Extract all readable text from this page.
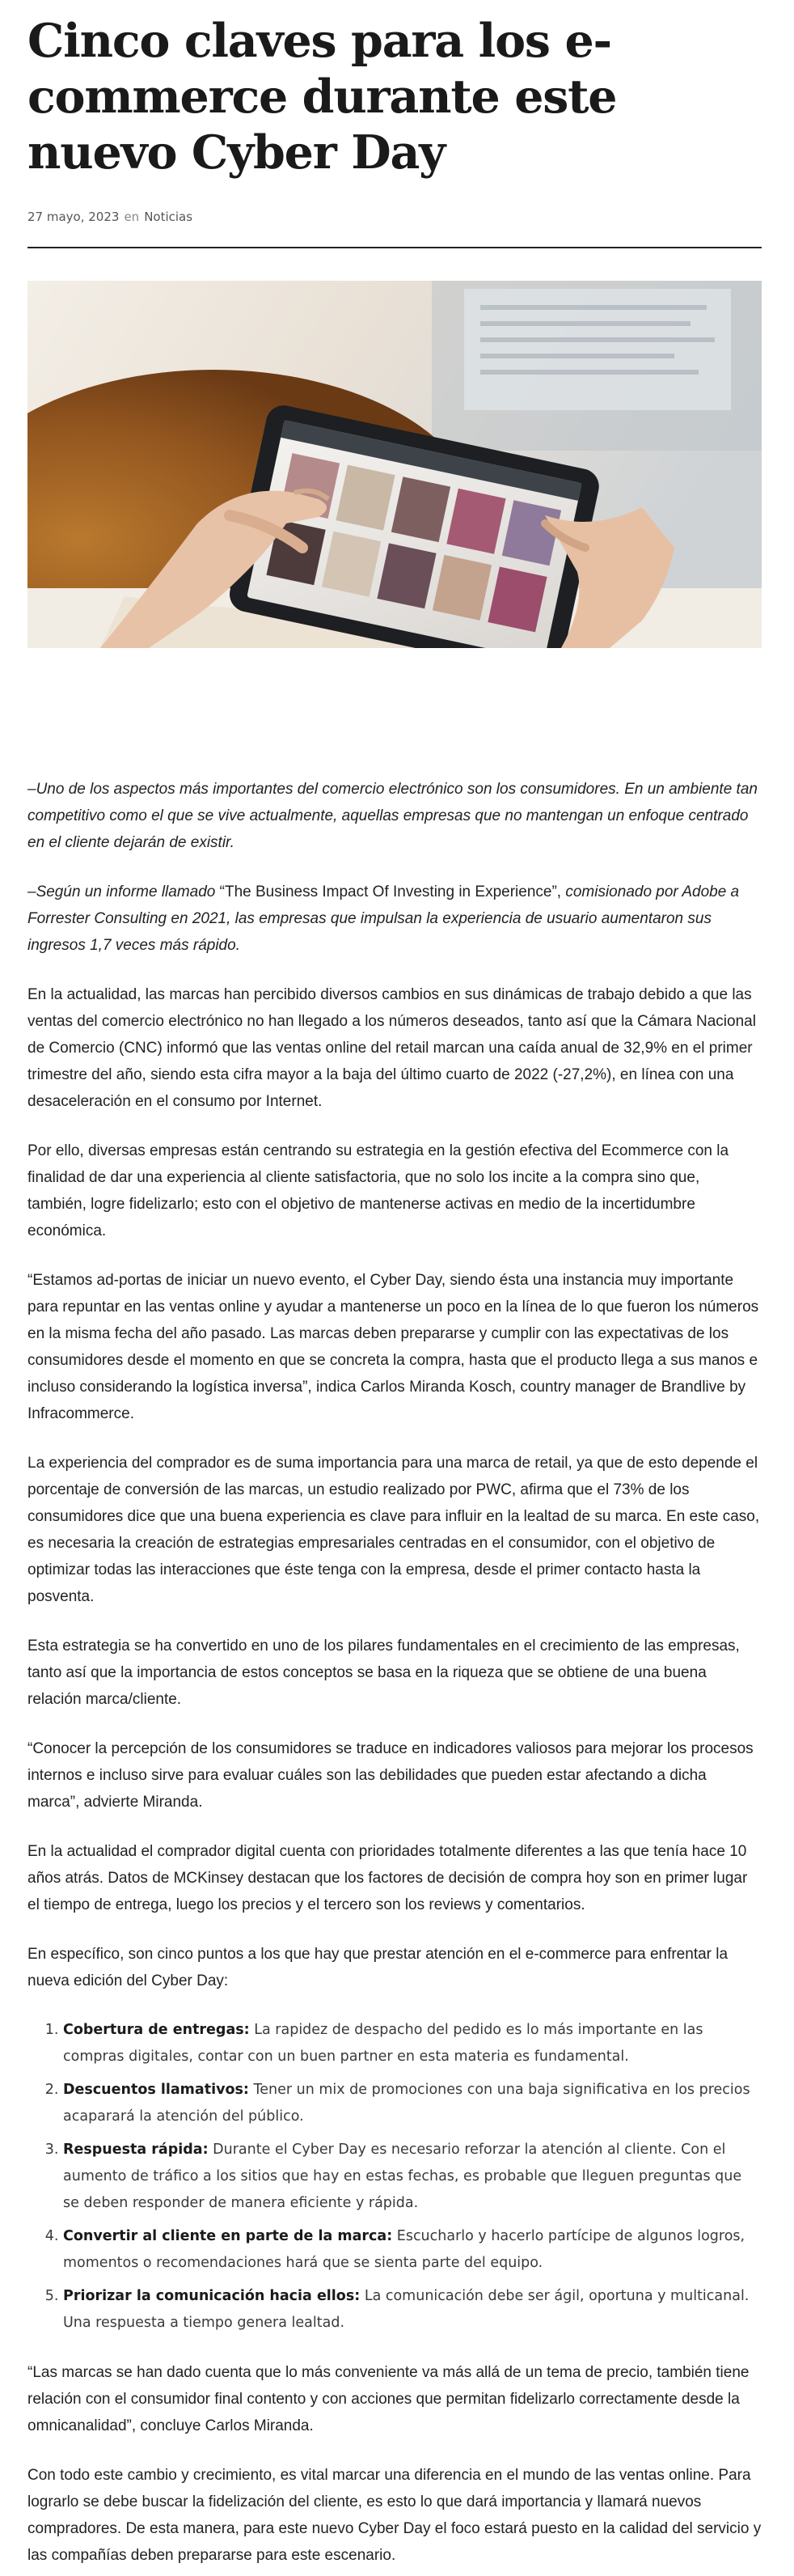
Cinco claves para los e-commerce durante este nuevo Cyber Day
27 mayo, 2023 en Noticias

–Uno de los aspectos más importantes del comercio electrónico son los consumidores. En un ambiente tan competitivo como el que se vive actualmente, aquellas empresas que no mantengan un enfoque centrado en el cliente dejarán de existir.

–Según un informe llamado “The Business Impact Of Investing in Experience”, comisionado por Adobe a Forrester Consulting en 2021, las empresas que impulsan la experiencia de usuario aumentaron sus ingresos 1,7 veces más rápido.

En la actualidad, las marcas han percibido diversos cambios en sus dinámicas de trabajo debido a que las ventas del comercio electrónico no han llegado a los números deseados, tanto así que la Cámara Nacional de Comercio (CNC) informó que las ventas online del retail marcan una caída anual de 32,9% en el primer trimestre del año, siendo esta cifra mayor a la baja del último cuarto de 2022 (-27,2%), en línea con una desaceleración en el consumo por Internet.

Por ello, diversas empresas están centrando su estrategia en la gestión efectiva del Ecommerce con la finalidad de dar una experiencia al cliente satisfactoria, que no solo los incite a la compra sino que, también, logre fidelizarlo; esto con el objetivo de mantenerse activas en medio de la incertidumbre económica.

“Estamos ad-portas de iniciar un nuevo evento, el Cyber Day, siendo ésta una instancia muy importante para repuntar en las ventas online y ayudar a mantenerse un poco en la línea de lo que fueron los números en la misma fecha del año pasado. Las marcas deben prepararse y cumplir con las expectativas de los consumidores desde el momento en que se concreta la compra, hasta que el producto llega a sus manos e incluso considerando la logística inversa”, indica Carlos Miranda Kosch, country manager de Brandlive by Infracommerce.

La experiencia del comprador es de suma importancia para una marca de retail, ya que de esto depende el porcentaje de conversión de las marcas, un estudio realizado por PWC, afirma que el 73% de los consumidores dice que una buena experiencia es clave para influir en la lealtad de su marca. En este caso, es necesaria la creación de estrategias empresariales centradas en el consumidor, con el objetivo de optimizar todas las interacciones que éste tenga con la empresa, desde el primer contacto hasta la posventa.

Esta estrategia se ha convertido en uno de los pilares fundamentales en el crecimiento de las empresas, tanto así que la importancia de estos conceptos se basa en la riqueza que se obtiene de una buena relación marca/cliente.

“Conocer la percepción de los consumidores se traduce en indicadores valiosos para mejorar los procesos internos e incluso sirve para evaluar cuáles son las debilidades que pueden estar afectando a dicha marca”, advierte Miranda.

En la actualidad el comprador digital cuenta con prioridades totalmente diferentes a las que tenía hace 10 años atrás. Datos de MCKinsey destacan que los factores de decisión de compra hoy son en primer lugar el tiempo de entrega, luego los precios y el tercero son los reviews y comentarios.

En específico, son cinco puntos a los que hay que prestar atención en el e-commerce para enfrentar la nueva edición del Cyber Day:

1. Cobertura de entregas: La rapidez de despacho del pedido es lo más importante en las compras digitales, contar con un buen partner en esta materia es fundamental.
2. Descuentos llamativos: Tener un mix de promociones con una baja significativa en los precios acaparará la atención del público.
3. Respuesta rápida: Durante el Cyber Day es necesario reforzar la atención al cliente. Con el aumento de tráfico a los sitios que hay en estas fechas, es probable que lleguen preguntas que se deben responder de manera eficiente y rápida.
4. Convertir al cliente en parte de la marca: Escucharlo y hacerlo partícipe de algunos logros, momentos o recomendaciones hará que se sienta parte del equipo.
5. Priorizar la comunicación hacia ellos: La comunicación debe ser ágil, oportuna y multicanal. Una respuesta a tiempo genera lealtad.

“Las marcas se han dado cuenta que lo más conveniente va más allá de un tema de precio, también tiene relación con el consumidor final contento y con acciones que permitan fidelizarlo correctamente desde la omnicanalidad”, concluye Carlos Miranda.

Con todo este cambio y crecimiento, es vital marcar una diferencia en el mundo de las ventas online. Para lograrlo se debe buscar la fidelización del cliente, es esto lo que dará importancia y llamará nuevos compradores. De esta manera, para este nuevo Cyber Day el foco estará puesto en la calidad del servicio y las compañías deben prepararse para este escenario.
